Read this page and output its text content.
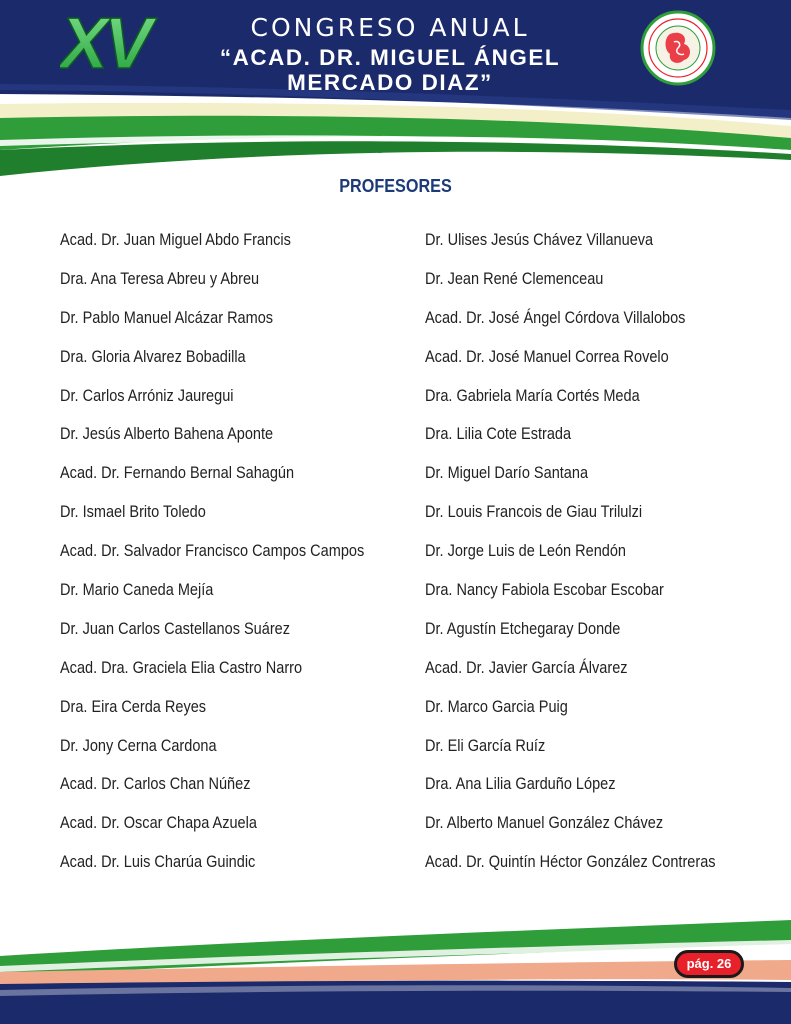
XV	CONGRESO ANUAL
“ACAD. DR. MIGUEL ÁNGEL MERCADO DIAZ”
PROFESORES
Acad. Dr. Juan Miguel Abdo Francis
Dra. Ana Teresa Abreu y Abreu
Dr. Pablo Manuel Alcázar Ramos
Dra. Gloria Alvarez Bobadilla
Dr. Carlos Arróniz Jauregui
Dr. Jesús Alberto Bahena Aponte
Acad. Dr. Fernando Bernal Sahagún
Dr. Ismael Brito Toledo
Acad. Dr. Salvador Francisco Campos Campos
Dr. Mario Caneda Mejía
Dr. Juan Carlos Castellanos Suárez
Acad. Dra. Graciela Elia Castro Narro
Dra. Eira Cerda Reyes
Dr. Jony Cerna Cardona
Acad. Dr. Carlos Chan Núñez
Acad. Dr. Oscar Chapa Azuela
Acad. Dr. Luis Charúa Guindic
Dr. Ulises Jesús Chávez Villanueva
Dr. Jean René Clemenceau
Acad. Dr. José Ángel Córdova Villalobos
Acad. Dr. José Manuel Correa Rovelo
Dra. Gabriela María Cortés Meda
Dra. Lilia Cote Estrada
Dr. Miguel Darío Santana
Dr. Louis Francois de Giau Trilulzi
Dr. Jorge Luis de León Rendón
Dra. Nancy Fabiola Escobar Escobar
Dr. Agustín Etchegaray Donde
Acad. Dr. Javier García Álvarez
Dr. Marco Garcia Puig
Dr. Eli García Ruíz
Dra. Ana Lilia Garduño López
Dr. Alberto Manuel González Chávez
Acad. Dr. Quintín Héctor González Contreras
pág. 26
